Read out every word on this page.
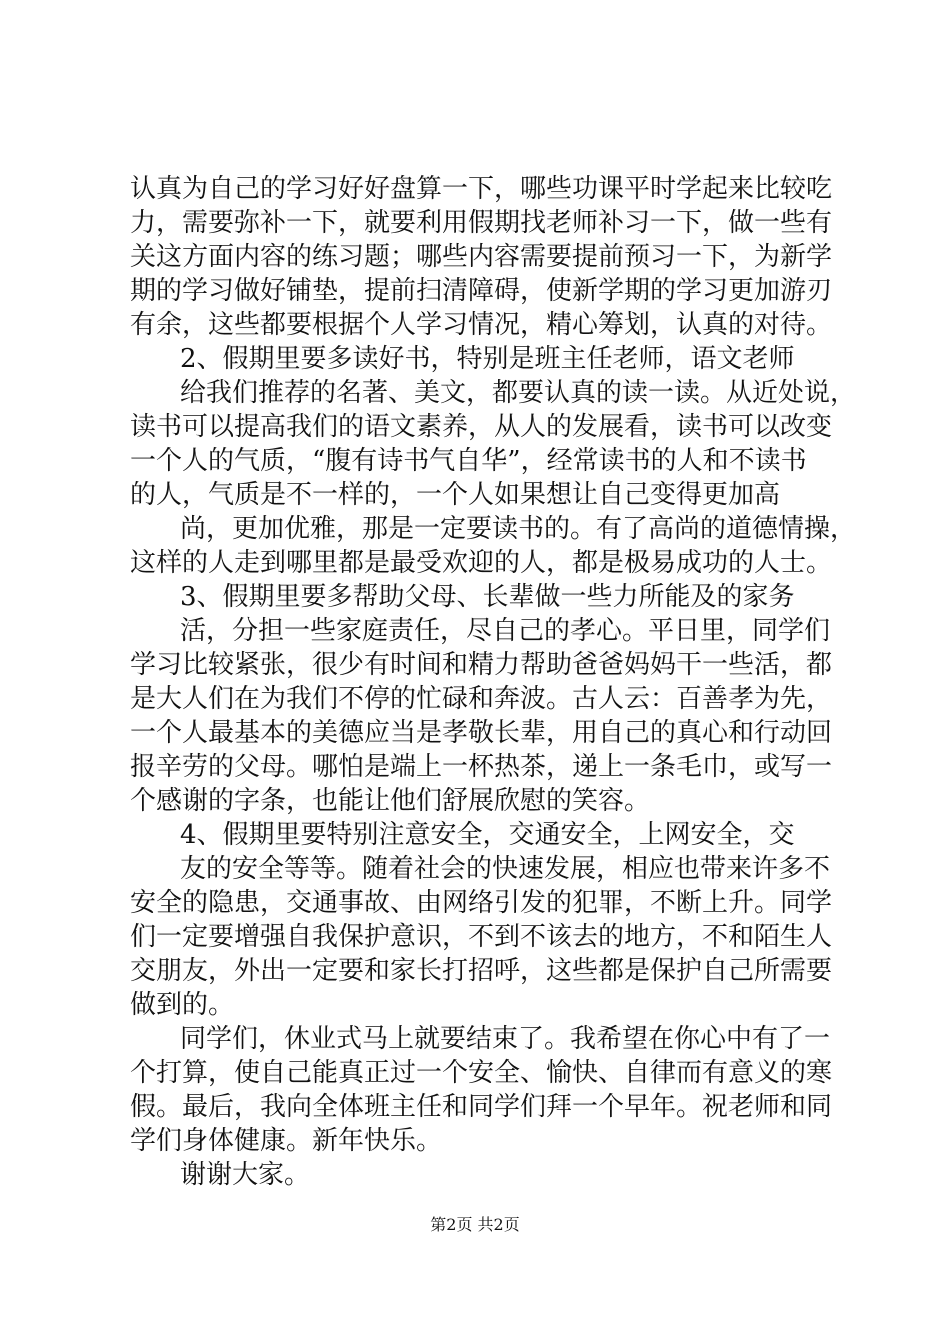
认真为自己的学习好好盘算一下，哪些功课平时学起来比较吃
力，需要弥补一下，就要利用假期找老师补习一下，做一些有
关这方面内容的练习题；哪些内容需要提前预习一下，为新学
期的学习做好铺垫，提前扫清障碍，使新学期的学习更加游刃
有余，这些都要根据个人学习情况，精心筹划，认真的对待。
2、假期里要多读好书，特别是班主任老师，语文老师
给我们推荐的名著、美文，都要认真的读一读。从近处说，
读书可以提高我们的语文素养，从人的发展看，读书可以改变
一个人的气质，“腹有诗书气自华”，经常读书的人和不读书
的人，气质是不一样的，一个人如果想让自己变得更加高
尚，更加优雅，那是一定要读书的。有了高尚的道德情操，
这样的人走到哪里都是最受欢迎的人，都是极易成功的人士。
3、假期里要多帮助父母、长辈做一些力所能及的家务
活，分担一些家庭责任，尽自己的孝心。平日里，同学们
学习比较紧张，很少有时间和精力帮助爸爸妈妈干一些活，都
是大人们在为我们不停的忙碌和奔波。古人云：百善孝为先，
一个人最基本的美德应当是孝敬长辈，用自己的真心和行动回
报辛劳的父母。哪怕是端上一杯热茶，递上一条毛巾，或写一
个感谢的字条，也能让他们舒展欣慰的笑容。
4、假期里要特别注意安全，交通安全，上网安全，交
友的安全等等。随着社会的快速发展，相应也带来许多不
安全的隐患，交通事故、由网络引发的犯罪，不断上升。同学
们一定要增强自我保护意识，不到不该去的地方，不和陌生人
交朋友，外出一定要和家长打招呼，这些都是保护自己所需要
做到的。
同学们，休业式马上就要结束了。我希望在你心中有了一
个打算，使自己能真正过一个安全、愉快、自律而有意义的寒
假。最后，我向全体班主任和同学们拜一个早年。祝老师和同
学们身体健康。新年快乐。
谢谢大家。
第2页 共2页
